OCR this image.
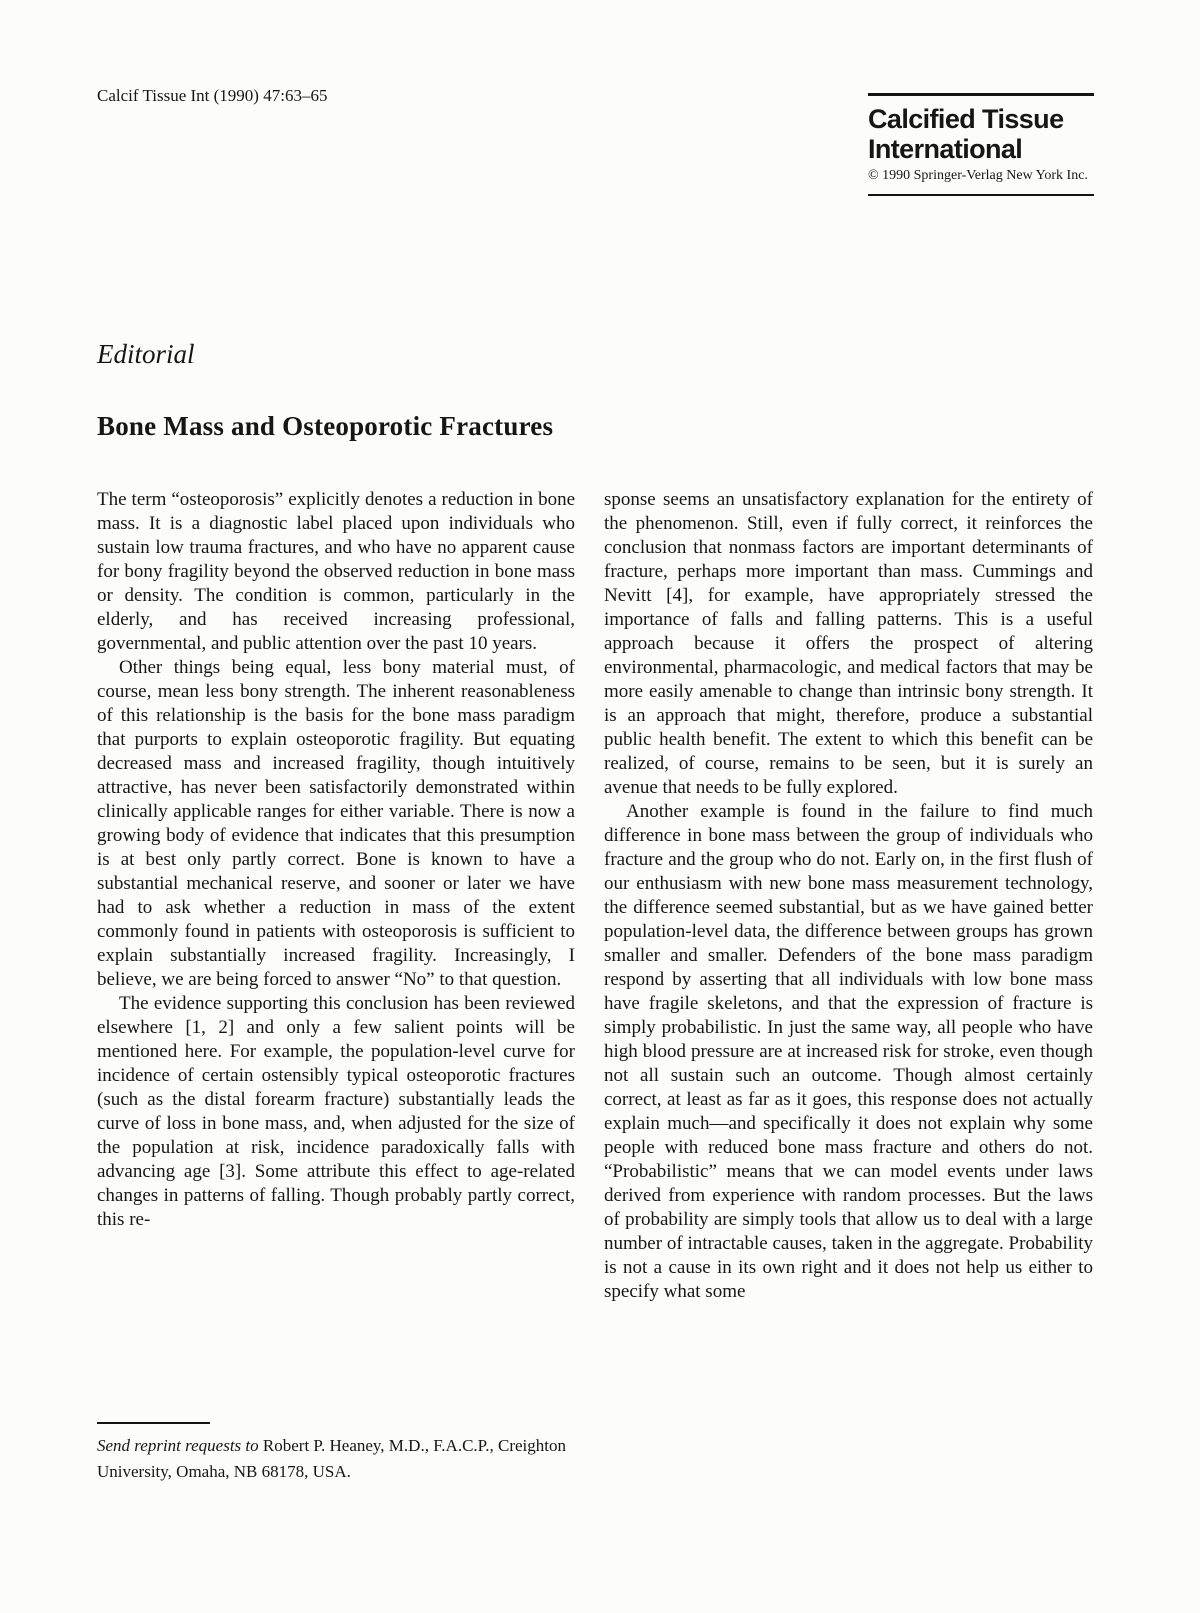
Calcif Tissue Int (1990) 47:63–65
Calcified Tissue
International
© 1990 Springer-Verlag New York Inc.
Editorial
Bone Mass and Osteoporotic Fractures

The term “osteoporosis” explicitly denotes a reduction in bone mass. It is a diagnostic label placed upon individuals who sustain low trauma fractures, and who have no apparent cause for bony fragility beyond the observed reduction in bone mass or density. The condition is common, particularly in the elderly, and has received increasing professional, governmental, and public attention over the past 10 years.

Other things being equal, less bony material must, of course, mean less bony strength. The inherent reasonableness of this relationship is the basis for the bone mass paradigm that purports to explain osteoporotic fragility. But equating decreased mass and increased fragility, though intuitively attractive, has never been satisfactorily demonstrated within clinically applicable ranges for either variable. There is now a growing body of evidence that indicates that this presumption is at best only partly correct. Bone is known to have a substantial mechanical reserve, and sooner or later we have had to ask whether a reduction in mass of the extent commonly found in patients with osteoporosis is sufficient to explain substantially increased fragility. Increasingly, I believe, we are being forced to answer “No” to that question.

The evidence supporting this conclusion has been reviewed elsewhere [1, 2] and only a few salient points will be mentioned here. For example, the population-level curve for incidence of certain ostensibly typical osteoporotic fractures (such as the distal forearm fracture) substantially leads the curve of loss in bone mass, and, when adjusted for the size of the population at risk, incidence paradoxically falls with advancing age [3]. Some attribute this effect to age-related changes in patterns of falling. Though probably partly correct, this re-

sponse seems an unsatisfactory explanation for the entirety of the phenomenon. Still, even if fully correct, it reinforces the conclusion that nonmass factors are important determinants of fracture, perhaps more important than mass. Cummings and Nevitt [4], for example, have appropriately stressed the importance of falls and falling patterns. This is a useful approach because it offers the prospect of altering environmental, pharmacologic, and medical factors that may be more easily amenable to change than intrinsic bony strength. It is an approach that might, therefore, produce a substantial public health benefit. The extent to which this benefit can be realized, of course, remains to be seen, but it is surely an avenue that needs to be fully explored.

Another example is found in the failure to find much difference in bone mass between the group of individuals who fracture and the group who do not. Early on, in the first flush of our enthusiasm with new bone mass measurement technology, the difference seemed substantial, but as we have gained better population-level data, the difference between groups has grown smaller and smaller. Defenders of the bone mass paradigm respond by asserting that all individuals with low bone mass have fragile skeletons, and that the expression of fracture is simply probabilistic. In just the same way, all people who have high blood pressure are at increased risk for stroke, even though not all sustain such an outcome. Though almost certainly correct, at least as far as it goes, this response does not actually explain much—and specifically it does not explain why some people with reduced bone mass fracture and others do not. “Probabilistic” means that we can model events under laws derived from experience with random processes. But the laws of probability are simply tools that allow us to deal with a large number of intractable causes, taken in the aggregate. Probability is not a cause in its own right and it does not help us either to specify what some

Send reprint requests to Robert P. Heaney, M.D., F.A.C.P., Creighton University, Omaha, NB 68178, USA.
